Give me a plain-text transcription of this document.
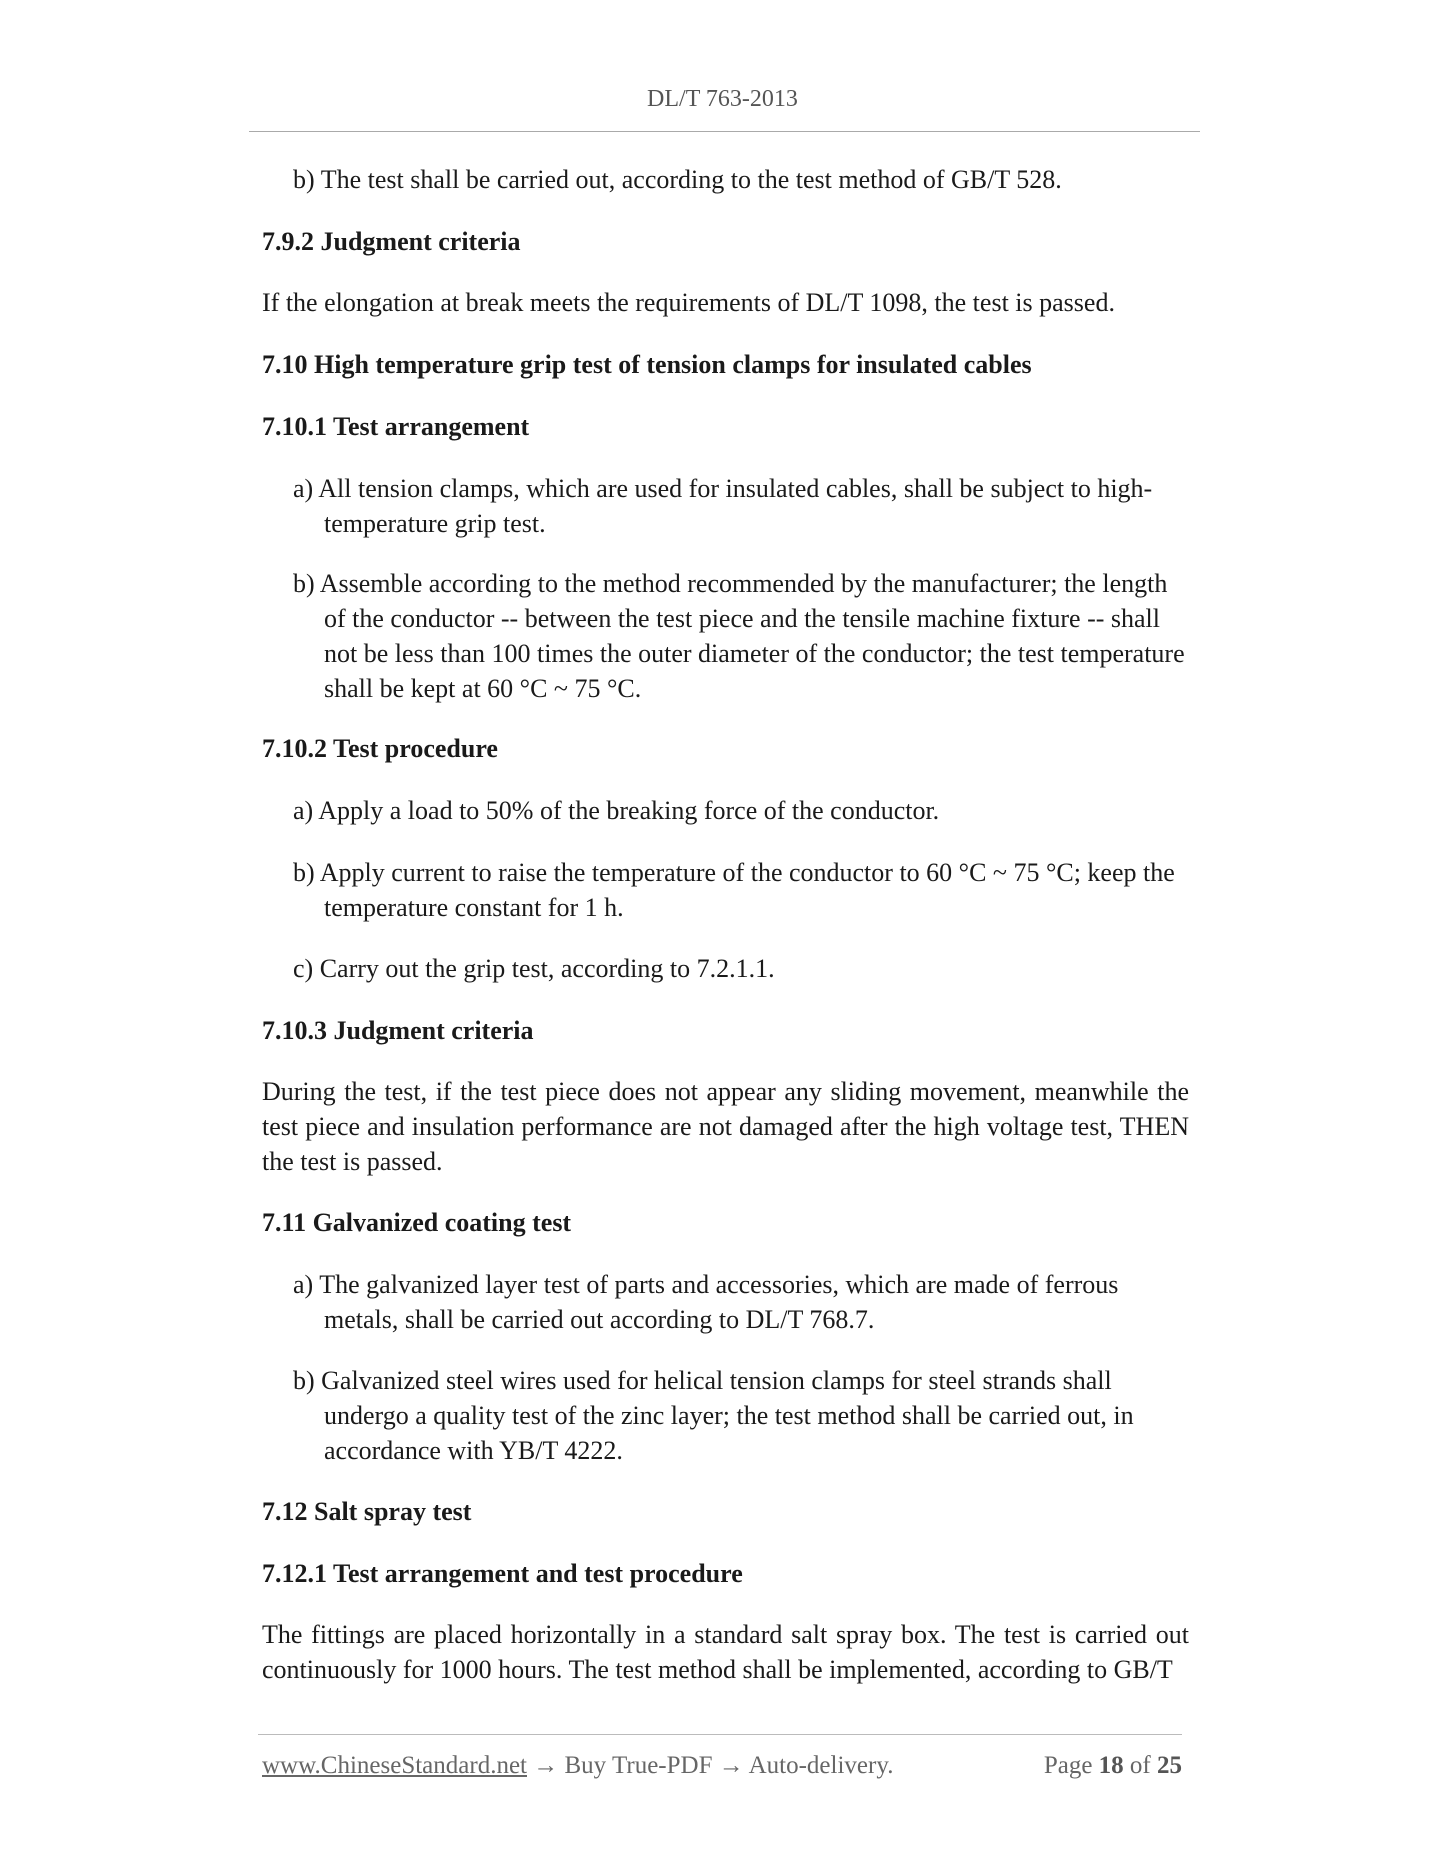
DL/T 763-2013
b) The test shall be carried out, according to the test method of GB/T 528.
7.9.2 Judgment criteria
If the elongation at break meets the requirements of DL/T 1098, the test is passed.
7.10 High temperature grip test of tension clamps for insulated cables
7.10.1 Test arrangement
a) All tension clamps, which are used for insulated cables, shall be subject to high-
temperature grip test.
b) Assemble according to the method recommended by the manufacturer; the length
of the conductor -- between the test piece and the tensile machine fixture -- shall
not be less than 100 times the outer diameter of the conductor; the test temperature
shall be kept at 60 °C ~ 75 °C.
7.10.2 Test procedure
a) Apply a load to 50% of the breaking force of the conductor.
b) Apply current to raise the temperature of the conductor to 60 °C ~ 75 °C; keep the
temperature constant for 1 h.
c) Carry out the grip test, according to 7.2.1.1.
7.10.3 Judgment criteria
During the test, if the test piece does not appear any sliding movement, meanwhile the test piece and insulation performance are not damaged after the high voltage test, THEN the test is passed.
7.11 Galvanized coating test
a) The galvanized layer test of parts and accessories, which are made of ferrous
metals, shall be carried out according to DL/T 768.7.
b) Galvanized steel wires used for helical tension clamps for steel strands shall
undergo a quality test of the zinc layer; the test method shall be carried out, in
accordance with YB/T 4222.
7.12 Salt spray test
7.12.1 Test arrangement and test procedure
The fittings are placed horizontally in a standard salt spray box. The test is carried out continuously for 1000 hours. The test method shall be implemented, according to GB/T
www.ChineseStandard.net → Buy True-PDF → Auto-delivery.	Page 18 of 25
